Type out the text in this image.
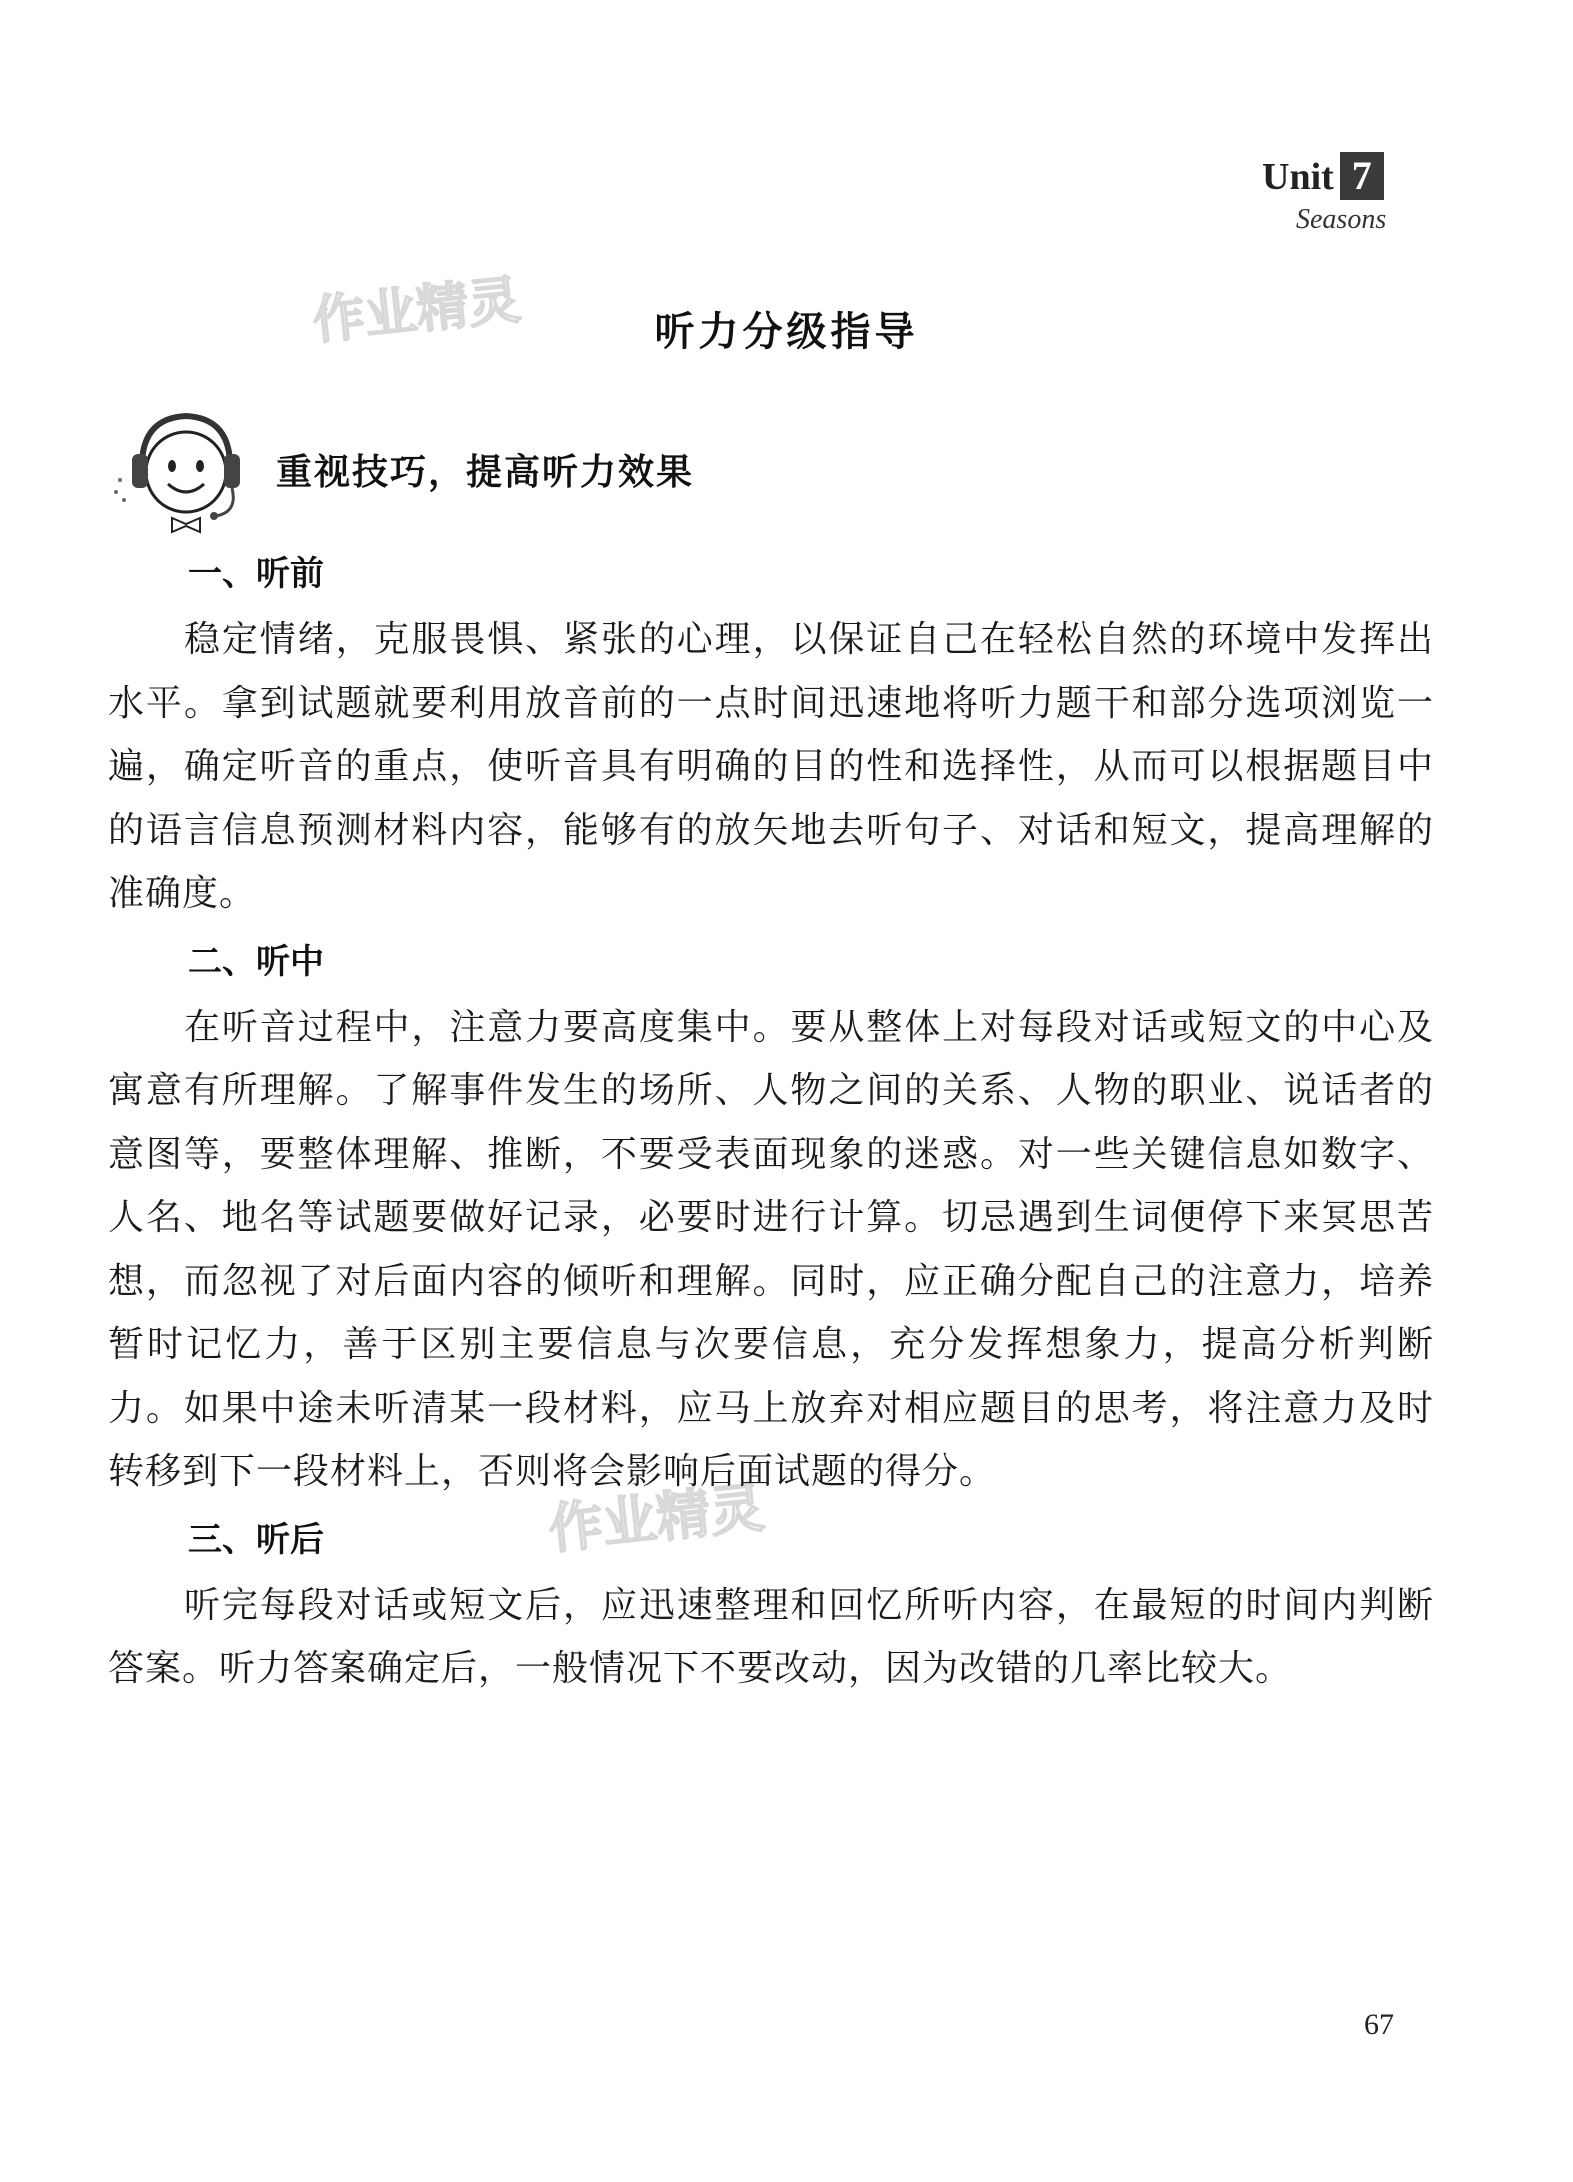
Unit 7
Seasons
作业精灵
作业精灵
听力分级指导
重视技巧，提高听力效果
一、听前

稳定情绪，克服畏惧、紧张的心理，以保证自己在轻松自然的环境中发挥出水平。拿到试题就要利用放音前的一点时间迅速地将听力题干和部分选项浏览一遍，确定听音的重点，使听音具有明确的目的性和选择性，从而可以根据题目中的语言信息预测材料内容，能够有的放矢地去听句子、对话和短文，提高理解的准确度。

二、听中

在听音过程中，注意力要高度集中。要从整体上对每段对话或短文的中心及寓意有所理解。了解事件发生的场所、人物之间的关系、人物的职业、说话者的意图等，要整体理解、推断，不要受表面现象的迷惑。对一些关键信息如数字、人名、地名等试题要做好记录，必要时进行计算。切忌遇到生词便停下来冥思苦想，而忽视了对后面内容的倾听和理解。同时，应正确分配自己的注意力，培养暂时记忆力，善于区别主要信息与次要信息，充分发挥想象力，提高分析判断力。如果中途未听清某一段材料，应马上放弃对相应题目的思考，将注意力及时转移到下一段材料上，否则将会影响后面试题的得分。

三、听后

听完每段对话或短文后，应迅速整理和回忆所听内容，在最短的时间内判断答案。听力答案确定后，一般情况下不要改动，因为改错的几率比较大。

67
